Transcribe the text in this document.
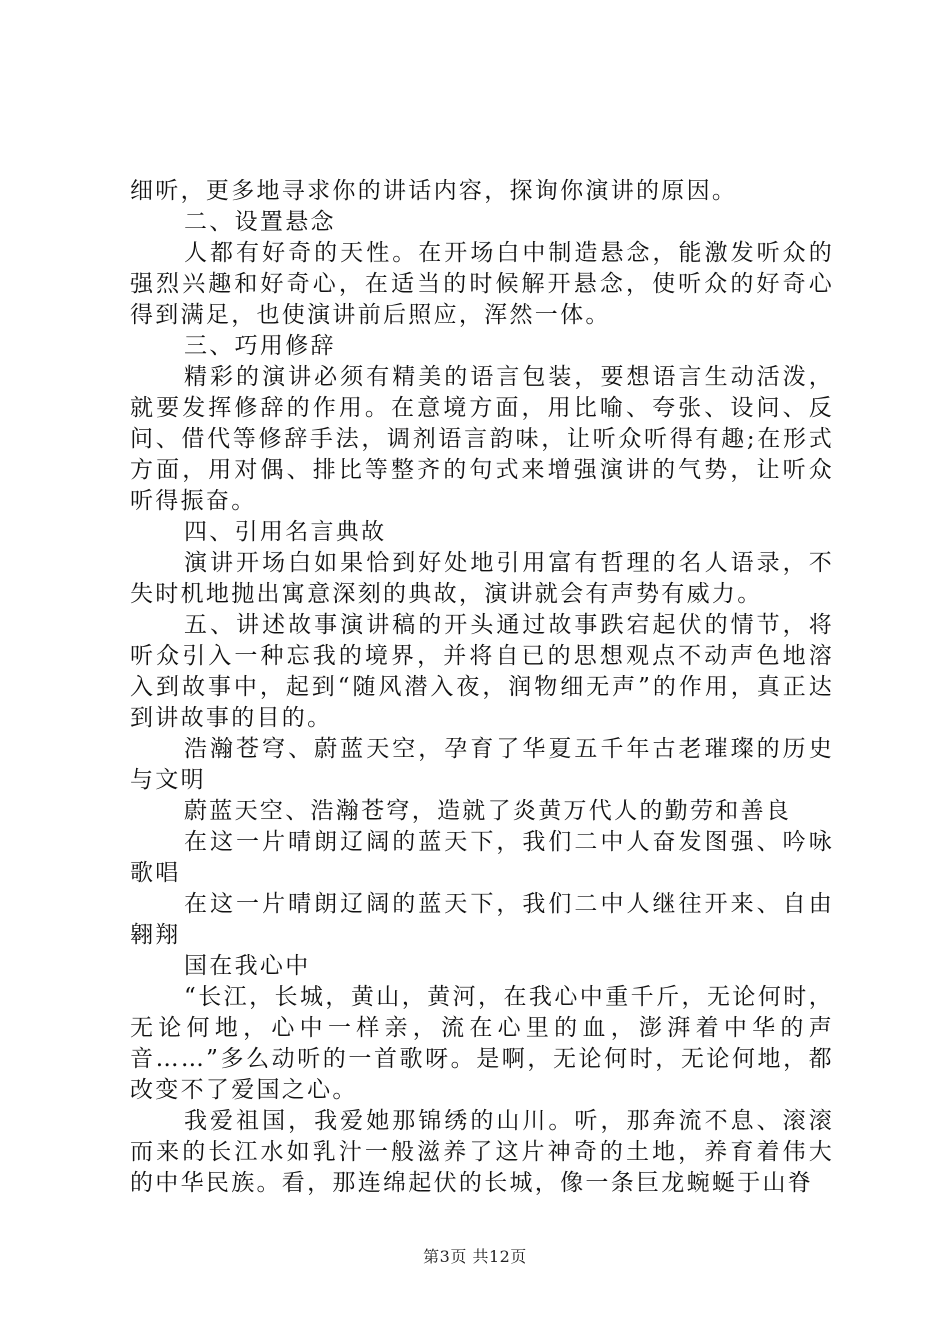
细听，更多地寻求你的讲话内容，探询你演讲的原因。

二、设置悬念

人都有好奇的天性。在开场白中制造悬念，能激发听众的强烈兴趣和好奇心，在适当的时候解开悬念，使听众的好奇心得到满足，也使演讲前后照应，浑然一体。

三、巧用修辞

精彩的演讲必须有精美的语言包装，要想语言生动活泼，就要发挥修辞的作用。在意境方面，用比喻、夸张、设问、反问、借代等修辞手法，调剂语言韵味，让听众听得有趣;在形式方面，用对偶、排比等整齐的句式来增强演讲的气势，让听众听得振奋。

四、引用名言典故

演讲开场白如果恰到好处地引用富有哲理的名人语录，不失时机地抛出寓意深刻的典故，演讲就会有声势有威力。

五、讲述故事演讲稿的开头通过故事跌宕起伏的情节，将听众引入一种忘我的境界，并将自已的思想观点不动声色地溶入到故事中，起到“随风潜入夜，润物细无声”的作用，真正达到讲故事的目的。

浩瀚苍穹、蔚蓝天空，孕育了华夏五千年古老璀璨的历史与文明

蔚蓝天空、浩瀚苍穹，造就了炎黄万代人的勤劳和善良

在这一片晴朗辽阔的蓝天下，我们二中人奋发图强、吟咏歌唱

在这一片晴朗辽阔的蓝天下，我们二中人继往开来、自由翱翔

国在我心中

“长江，长城，黄山，黄河，在我心中重千斤，无论何时，无论何地，心中一样亲，流在心里的血，澎湃着中华的声音……”多么动听的一首歌呀。是啊，无论何时，无论何地，都改变不了爱国之心。

我爱祖国，我爱她那锦绣的山川。听，那奔流不息、滚滚而来的长江水如乳汁一般滋养了这片神奇的土地，养育着伟大的中华民族。看，那连绵起伏的长城，像一条巨龙蜿蜒于山脊

第3页 共12页
